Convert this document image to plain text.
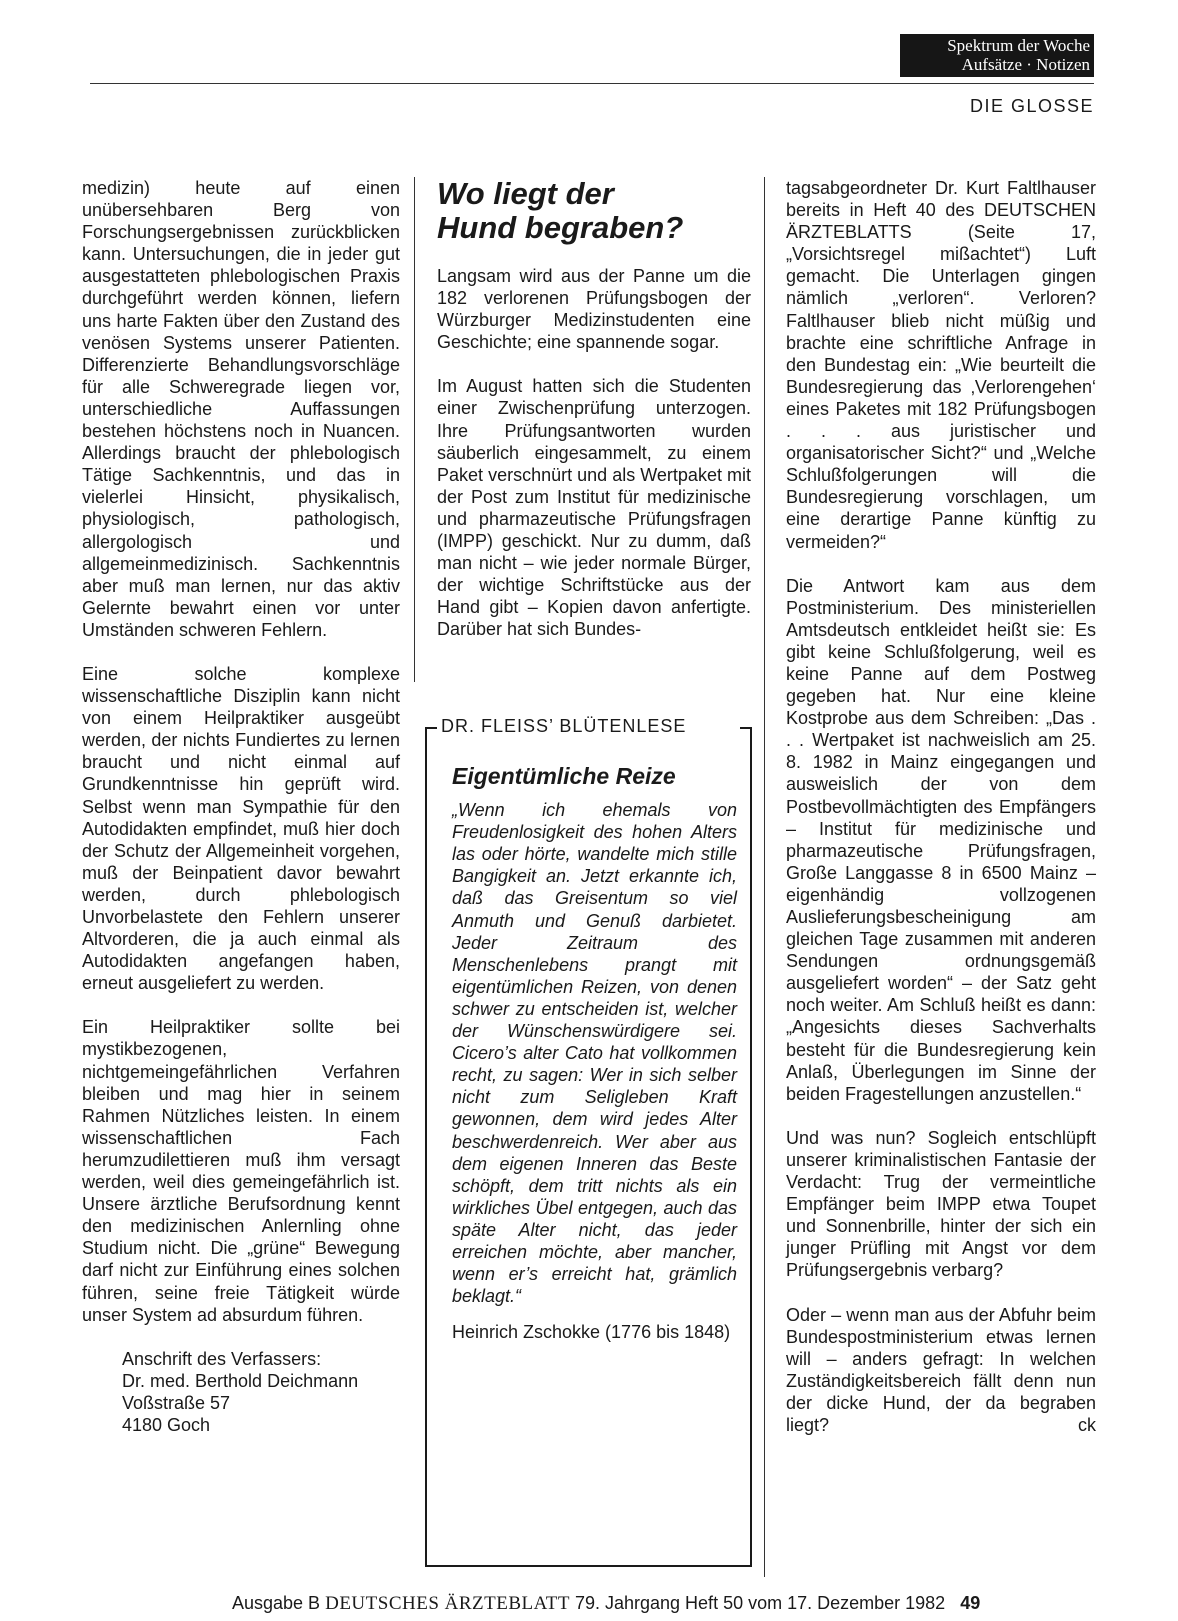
Spektrum der Woche
Aufsätze · Notizen
DIE GLOSSE

medizin) heute auf einen unübersehbaren Berg von Forschungsergebnissen zurückblicken kann. Untersuchungen, die in jeder gut ausgestatteten phlebologischen Praxis durchgeführt werden können, liefern uns harte Fakten über den Zustand des venösen Systems unserer Patienten. Differenzierte Behandlungsvorschläge für alle Schweregrade liegen vor, unterschiedliche Auffassungen bestehen höchstens noch in Nuancen. Allerdings braucht der phlebologisch Tätige Sachkenntnis, und das in vielerlei Hinsicht, physikalisch, physiologisch, pathologisch, allergologisch und allgemeinmedizinisch. Sachkenntnis aber muß man lernen, nur das aktiv Gelernte bewahrt einen vor unter Umständen schweren Fehlern.

Eine solche komplexe wissenschaftliche Disziplin kann nicht von einem Heilpraktiker ausgeübt werden, der nichts Fundiertes zu lernen braucht und nicht einmal auf Grundkenntnisse hin geprüft wird. Selbst wenn man Sympathie für den Autodidakten empfindet, muß hier doch der Schutz der Allgemeinheit vorgehen, muß der Beinpatient davor bewahrt werden, durch phlebologisch Unvorbelastete den Fehlern unserer Altvorderen, die ja auch einmal als Autodidakten angefangen haben, erneut ausgeliefert zu werden.

Ein Heilpraktiker sollte bei mystikbezogenen, nichtgemeingefährlichen Verfahren bleiben und mag hier in seinem Rahmen Nützliches leisten. In einem wissenschaftlichen Fach herumzudilettieren muß ihm versagt werden, weil dies gemeingefährlich ist. Unsere ärztliche Berufsordnung kennt den medizinischen Anlernling ohne Studium nicht. Die „grüne“ Bewegung darf nicht zur Einführung eines solchen führen, seine freie Tätigkeit würde unser System ad absurdum führen.

Anschrift des Verfassers:
Dr. med. Berthold Deichmann
Voßstraße 57
4180 Goch
Wo liegt der
Hund begraben?

Langsam wird aus der Panne um die 182 verlorenen Prüfungsbogen der Würzburger Medizinstudenten eine Geschichte; eine spannende sogar.

Im August hatten sich die Studenten einer Zwischenprüfung unterzogen. Ihre Prüfungsantworten wurden säuberlich eingesammelt, zu einem Paket verschnürt und als Wertpaket mit der Post zum Institut für medizinische und pharmazeutische Prüfungsfragen (IMPP) geschickt. Nur zu dumm, daß man nicht – wie jeder normale Bürger, der wichtige Schriftstücke aus der Hand gibt – Kopien davon anfertigte. Darüber hat sich Bundes-

DR. FLEISS’ BLÜTENLESE
Eigentümliche Reize

„Wenn ich ehemals von Freudenlosigkeit des hohen Alters las oder hörte, wandelte mich stille Bangigkeit an. Jetzt erkannte ich, daß das Greisentum so viel Anmuth und Genuß darbietet. Jeder Zeitraum des Menschenlebens prangt mit eigentümlichen Reizen, von denen schwer zu entscheiden ist, welcher der Wünschenswürdigere sei. Cicero’s alter Cato hat vollkommen recht, zu sagen: Wer in sich selber nicht zum Seligleben Kraft gewonnen, dem wird jedes Alter beschwerdenreich. Wer aber aus dem eigenen Inneren das Beste schöpft, dem tritt nichts als ein wirkliches Übel entgegen, auch das späte Alter nicht, das jeder erreichen möchte, aber mancher, wenn er’s erreicht hat, grämlich beklagt.“

Heinrich Zschokke (1776 bis 1848)

tagsabgeordneter Dr. Kurt Faltlhauser bereits in Heft 40 des DEUTSCHEN ÄRZTEBLATTS (Seite 17, „Vorsichtsregel mißachtet“) Luft gemacht. Die Unterlagen gingen nämlich „verloren“. Verloren? Faltlhauser blieb nicht müßig und brachte eine schriftliche Anfrage in den Bundestag ein: „Wie beurteilt die Bundesregierung das ‚Verlorengehen‘ eines Paketes mit 182 Prüfungsbogen . . . aus juristischer und organisatorischer Sicht?“ und „Welche Schlußfolgerungen will die Bundesregierung vorschlagen, um eine derartige Panne künftig zu vermeiden?“

Die Antwort kam aus dem Postministerium. Des ministeriellen Amtsdeutsch entkleidet heißt sie: Es gibt keine Schlußfolgerung, weil es keine Panne auf dem Postweg gegeben hat. Nur eine kleine Kostprobe aus dem Schreiben: „Das . . . Wertpaket ist nachweislich am 25. 8. 1982 in Mainz eingegangen und ausweislich der von dem Postbevollmächtigten des Empfängers – Institut für medizinische und pharmazeutische Prüfungsfragen, Große Langgasse 8 in 6500 Mainz – eigenhändig vollzogenen Auslieferungsbescheinigung am gleichen Tage zusammen mit anderen Sendungen ordnungsgemäß ausgeliefert worden“ – der Satz geht noch weiter. Am Schluß heißt es dann: „Angesichts dieses Sachverhalts besteht für die Bundesregierung kein Anlaß, Überlegungen im Sinne der beiden Fragestellungen anzustellen.“

Und was nun? Sogleich entschlüpft unserer kriminalistischen Fantasie der Verdacht: Trug der vermeintliche Empfänger beim IMPP etwa Toupet und Sonnenbrille, hinter der sich ein junger Prüfling mit Angst vor dem Prüfungsergebnis verbarg?

Oder – wenn man aus der Abfuhr beim Bundespostministerium etwas lernen will – anders gefragt: In welchen Zuständigkeitsbereich fällt denn nun der dicke Hund, der da begraben liegt?	ck

Ausgabe B DEUTSCHES ÄRZTEBLATT 79. Jahrgang Heft 50 vom 17. Dezember 1982 49
